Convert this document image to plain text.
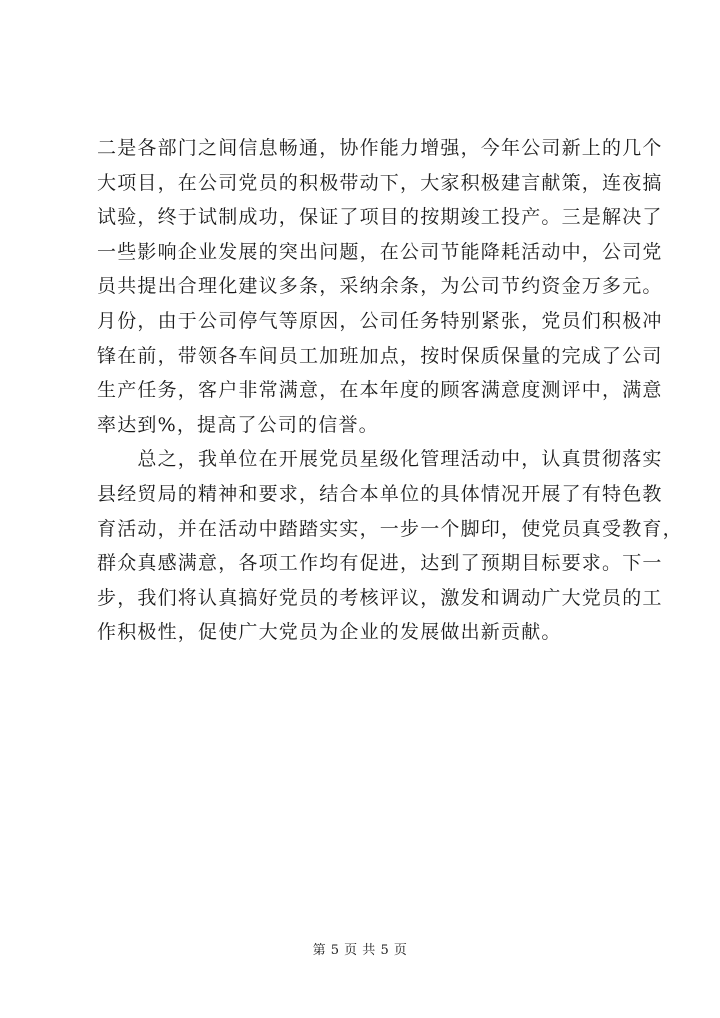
二是各部门之间信息畅通，协作能力增强，今年公司新上的几个
大项目，在公司党员的积极带动下，大家积极建言献策，连夜搞
试验，终于试制成功，保证了项目的按期竣工投产。三是解决了
一些影响企业发展的突出问题，在公司节能降耗活动中，公司党
员共提出合理化建议多条，采纳余条，为公司节约资金万多元。
月份，由于公司停气等原因，公司任务特别紧张，党员们积极冲
锋在前，带领各车间员工加班加点，按时保质保量的完成了公司
生产任务，客户非常满意，在本年度的顾客满意度测评中，满意
率达到%，提高了公司的信誉。
　　总之，我单位在开展党员星级化管理活动中，认真贯彻落实
县经贸局的精神和要求，结合本单位的具体情况开展了有特色教
育活动，并在活动中踏踏实实，一步一个脚印，使党员真受教育，
群众真感满意，各项工作均有促进，达到了预期目标要求。下一
步，我们将认真搞好党员的考核评议，激发和调动广大党员的工
作积极性，促使广大党员为企业的发展做出新贡献。
第 5 页 共 5 页
